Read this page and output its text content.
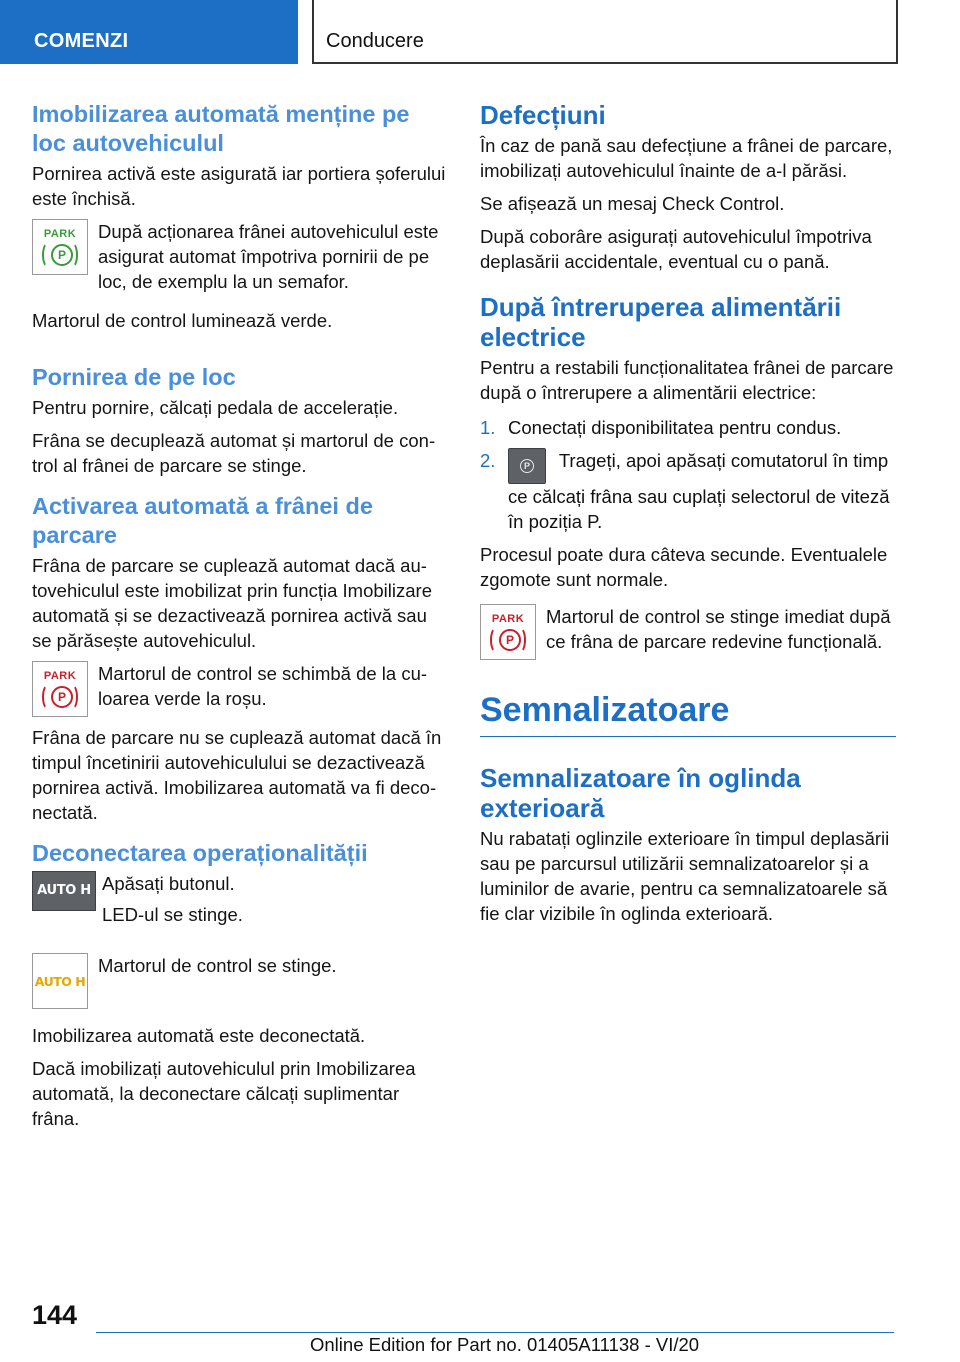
COMENZI	Conducere
Imobilizarea automată menține pe loc autovehiculul

Pornirea activă este asigurată iar portiera șoferului este închisă.

PARK
P

După acționarea frânei autovehiculul este asigurat automat împotriva pornirii de pe loc, de exemplu la un semafor.

Martorul de control luminează verde.

Pornirea de pe loc

Pentru pornire, călcați pedala de accelerație.

Frâna se decuplează automat și martorul de control al frânei de parcare se stinge.

Activarea automată a frânei de parcare

Frâna de parcare se cuplează automat dacă autovehiculul este imobilizat prin funcția Imobilizare automată și se dezactivează pornirea activă sau se părăsește autovehiculul.

PARK
P

Martorul de control se schimbă de la culoarea verde la roșu.

Frâna de parcare nu se cuplează automat dacă în timpul încetinirii autovehiculului se dezactivează pornirea activă. Imobilizarea automată va fi deconectată.

Deconectarea operaționalității
AUTO H Apăsați butonul.

LED-ul se stinge.

AUTO H

Martorul de control se stinge.

Imobilizarea automată este deconectată.

Dacă imobilizați autovehiculul prin Imobilizarea automată, la deconectare călcați suplimentar frâna.

Defecțiuni

În caz de pană sau defecțiune a frânei de parcare, imobilizați autovehiculul înainte de a-l părăsi.

Se afișează un mesaj Check Control.

După coborâre asigurați autovehiculul împotriva deplasării accidentale, eventual cu o pană.

După întreruperea alimentării electrice

Pentru a restabili funcționalitatea frânei de parcare după o întrerupere a alimentării electrice:

1. Conectați disponibilitatea pentru condus.
2.	P Trageți, apoi apăsați comutatorul în timp ce călcați frâna sau cuplați selectorul de viteză în poziția P.

Procesul poate dura câteva secunde. Eventualele zgomote sunt normale.

PARK
P

Martorul de control se stinge imediat după ce frâna de parcare redevine funcțională.

Semnalizatoare
Semnalizatoare în oglinda exterioară

Nu rabatați oglinzile exterioare în timpul deplasării sau pe parcursul utilizării semnalizatoarelor și a luminilor de avarie, pentru ca semnalizatoarele să fie clar vizibile în oglinda exterioară.

144
Online Edition for Part no. 01405A11138 - VI/20
